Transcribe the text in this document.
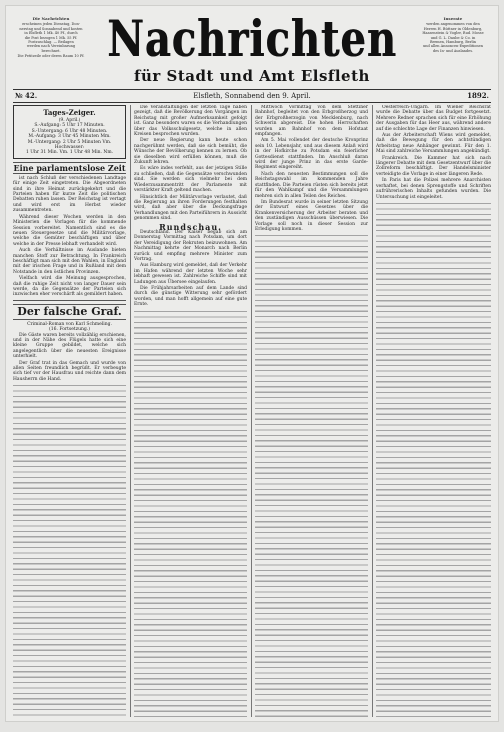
Die Nachrichten
erscheinen jeden Dienstag, Don-
nerstag und Sonnabend und kosten
in Elsfleth 1 Mk. 40 Pf., durch
die Post bezogen 1 Mk. 55 Pf.
Postzuschlag. — Beilagen
werden nach Vereinbarung
berechnet.
Die Petitzeile oder deren Raum 10 Pf. Nachrichten
für Stadt und Amt Elsfleth
Inserate
werden angenommen von den
Herren H. Büttner in Oldenburg,
Haasenstein & Vogler, Rud. Mosse
und G. L. Daube & Co. in
Bremen, Hamburg, Berlin
und allen Annoncen-Expeditionen
des In- und Auslandes.
Elsfleth, Sonnabend den 9. April.
№ 42.	1892.
Tages-Zeiger.
(9. April.)
S.-Aufgang: 5 Uhr 17 Minuten.
S.-Untergang: 6 Uhr 48 Minuten.
M.-Aufgang: 3 Uhr 45 Minuten Mm.
M.-Untergang: 2 Uhr 5 Minuten Vm.
Hochwasser:
1 Uhr 31 Min. Vm. 1 Uhr 48 Min. Nm.
Eine parlamentslose Zeit

ist nach Schluß der verschiedenen Landtage für einige Zeit eingetreten. Die Abgeordneten sind in ihre Heimat zurückgekehrt und die Parteien haben für kurze Zeit die politischen Debatten ruhen lassen. Der Reichstag ist vertagt und wird erst im Herbst wieder zusammentreten.

Während dieser Wochen werden in den Ministerien die Vorlagen für die kommende Session vorbereitet. Namentlich sind es die neuen Steuergesetze und die Militärvorlage, welche die Gemüter beschäftigen und über welche in der Presse lebhaft verhandelt wird.

Auch die Verhältnisse im Auslande bieten manchen Stoff zur Betrachtung. In Frankreich beschäftigt man sich mit den Wahlen, in England mit der irischen Frage und in Rußland mit dem Notstande in den östlichen Provinzen.

Vielfach wird die Meinung ausgesprochen, daß die ruhige Zeit nicht von langer Dauer sein werde, da die Gegensätze der Parteien sich inzwischen eher verschärft als gemildert haben.

Der falsche Graf.
Criminal-Roman von Karl Schmeling.
(16. Fortsetzung.)

Die Gäste waren bereits vollzählig erschienen, und in der Nähe des Flügels hatte sich eine kleine Gruppe gebildet, welche sich angelegentlich über die neuesten Ereignisse unterhielt.

Der Graf trat in das Gemach und wurde von allen Seiten freundlich begrüßt. Er verbeugte sich tief vor der Hausfrau und reichte dann dem Hausherrn die Hand.

Die Veranstaltungen der letzten Tage haben gezeigt, daß die Bevölkerung den Vorgängen im Reichstag mit großer Aufmerksamkeit gefolgt ist. Ganz besonders waren es die Verhandlungen über das Volksschulgesetz, welche in allen Kreisen besprochen wurden.

Der neue Regierung kann heute schon nachgerühmt werden, daß sie sich bemüht, die Wünsche der Bevölkerung kennen zu lernen. Ob sie dieselben wird erfüllen können, muß die Zukunft lehren.

Es wäre indes verfehlt, aus der jetzigen Stille zu schließen, daß die Gegensätze verschwunden sind. Sie werden sich vielmehr bei dem Wiederzusammentritt der Parlamente mit verstärkter Kraft geltend machen.

Hinsichtlich der Militärvorlage verlautet, daß die Regierung an ihren Forderungen festhalten wird, daß aber über die Deckungsfrage Verhandlungen mit den Parteiführern in Aussicht genommen sind.

Rundschau.

Deutschland. Der Kaiser begab sich am Donnerstag Vormittag nach Potsdam, um dort der Vereidigung der Rekruten beizuwohnen. Am Nachmittag kehrte der Monarch nach Berlin zurück und empfing mehrere Minister zum Vortrag.

Aus Hamburg wird gemeldet, daß der Verkehr im Hafen während der letzten Woche sehr lebhaft gewesen ist. Zahlreiche Schiffe sind mit Ladungen aus Übersee eingelaufen.

Die Frühjahrsarbeiten auf dem Lande sind durch die günstige Witterung sehr gefördert worden, und man hofft allgemein auf eine gute Ernte.

Mittwoch Vormittag von dem Stettiner Bahnhof, begleitet von den Erbgroßherzog und der Erbgroßherzogin von Mecklenburg, nach Schwerin abgereist. Die hohen Herrschaften wurden am Bahnhof von dem Hofstaat empfangen.

Am 5. Mai vollendet der deutsche Kronprinz sein 10. Lebensjahr, und aus diesem Anlaß wird in der Hofkirche zu Potsdam ein feierlicher Gottesdienst stattfinden. Im Anschluß daran wird der junge Prinz in das erste Garde-Regiment eingereiht.

Nach den neuesten Bestimmungen soll die Reichstagswahl im kommenden Jahre stattfinden. Die Parteien rüsten sich bereits jetzt für den Wahlkampf und die Versammlungen mehren sich in allen Teilen des Reiches.

Im Bundesrat wurde in seiner letzten Sitzung der Entwurf eines Gesetzes über die Krankenversicherung der Arbeiter beraten und den zuständigen Ausschüssen überwiesen. Die Vorlage soll noch in dieser Session zur Erledigung kommen.

Oesterreich-Ungarn. Im Wiener Reichsrat wurde die Debatte über das Budget fortgesetzt. Mehrere Redner sprachen sich für eine Erhöhung der Ausgaben für das Heer aus, während andere auf die schlechte Lage der Finanzen hinwiesen.

Aus der Arbeiterschaft Wiens wird gemeldet, daß die Bewegung für den achtstündigen Arbeitstag neue Anhänger gewinnt. Für den 1. Mai sind zahlreiche Versammlungen angekündigt.

Frankreich. Die Kammer hat sich nach längerer Debatte mit dem Gesetzentwurf über die Zollreform beschäftigt. Der Handelsminister verteidigte die Vorlage in einer längeren Rede.

In Paris hat die Polizei mehrere Anarchisten verhaftet, bei denen Sprengstoffe und Schriften aufrührerischen Inhalts gefunden wurden. Die Untersuchung ist eingeleitet.
